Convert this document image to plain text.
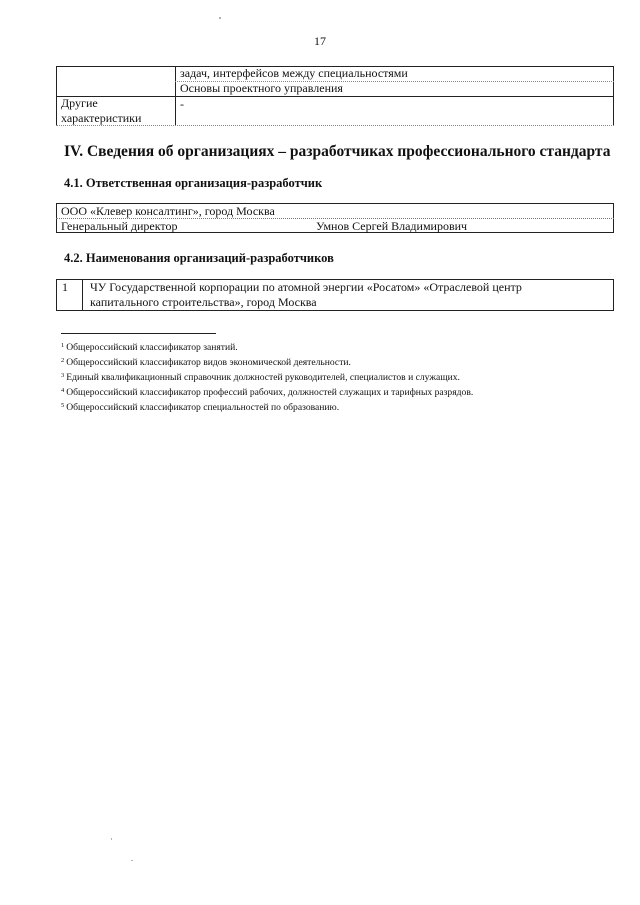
17
задач, интерфейсов между специальностями
Основы проектного управления
Другие
характеристики
-
IV. Сведения об организациях – разработчиках профессионального стандарта
4.1. Ответственная организация-разработчик
ООО «Клевер консалтинг», город Москва
Генеральный директор	Умнов Сергей Владимирович
4.2. Наименования организаций-разработчиков
1 ЧУ Государственной корпорации по атомной энергии «Росатом» «Отраслевой центр
капитального строительства», город Москва
$^1$ Общероссийский классификатор занятий.
$^2$ Общероссийский классификатор видов экономической деятельности.
$^3$ Единый квалификационный справочник должностей руководителей, специалистов и служащих.
$^4$ Общероссийский классификатор профессий рабочих, должностей служащих и тарифных разрядов.
$^5$ Общероссийский классификатор специальностей по образованию.
